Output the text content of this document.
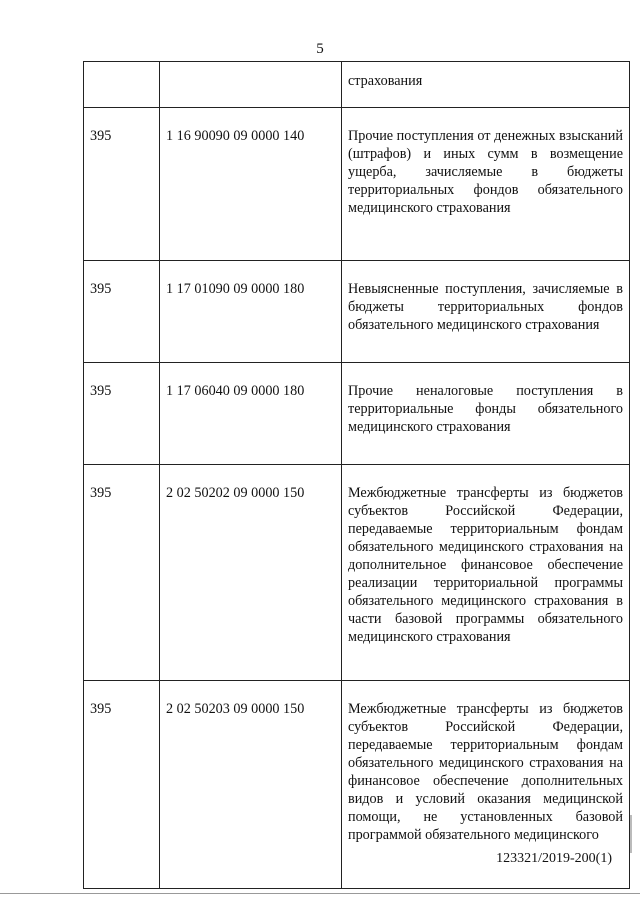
5

		страхования

395	1 16 90090 09 0000 140	Прочие поступления от денежных взысканий (штрафов) и иных сумм в возмещение ущерба, зачисляемые в бюджеты территориальных фондов обязательного медицинского страхования

395	1 17 01090 09 0000 180	Невыясненные поступления, зачисляемые в бюджеты территориальных фондов обязательного медицинского страхования

395	1 17 06040 09 0000 180	Прочие неналоговые поступления в территориальные фонды обязательного медицинского страхования

395	2 02 50202 09 0000 150	Межбюджетные трансферты из бюджетов субъектов Российской Федерации, передаваемые территориальным фондам обязательного медицинского страхования на дополнительное финансовое обеспечение реализации территориальной программы обязательного медицинского страхования в части базовой программы обязательного медицинского страхования

395	2 02 50203 09 0000 150	Межбюджетные трансферты из бюджетов субъектов Российской Федерации, передаваемые территориальным фондам обязательного медицинского страхования на финансовое обеспечение дополнительных видов и условий оказания медицинской помощи, не установленных базовой программой обязательного медицинского
123321/2019-200(1)
